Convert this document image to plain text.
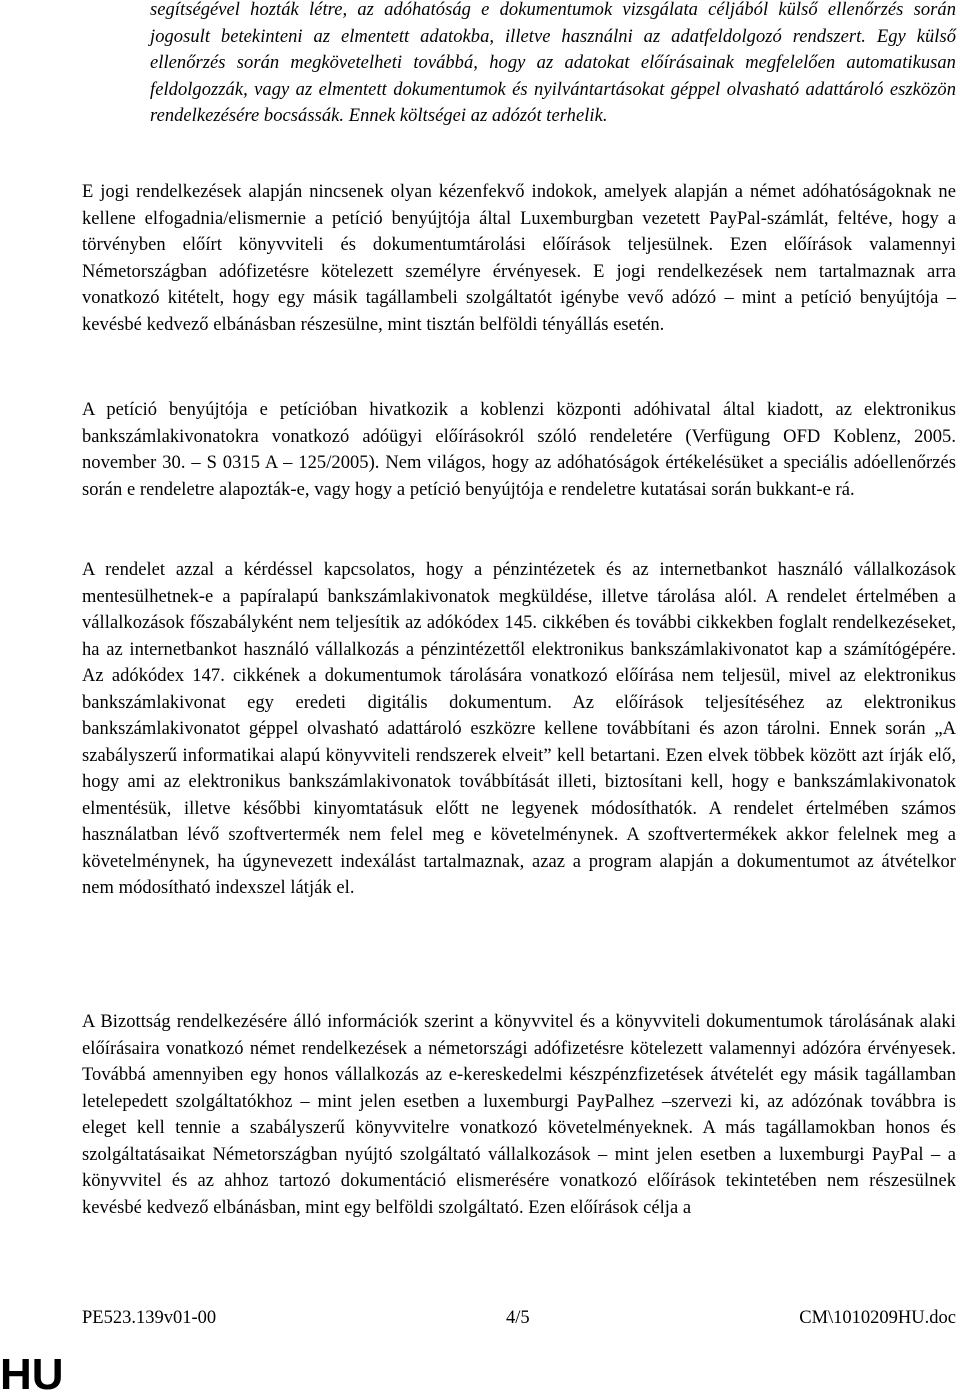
segítségével hozták létre, az adóhatóság e dokumentumok vizsgálata céljából külső ellenőrzés során jogosult betekinteni az elmentett adatokba, illetve használni az adatfeldolgozó rendszert. Egy külső ellenőrzés során megkövetelheti továbbá, hogy az adatokat előírásainak megfelelően automatikusan feldolgozzák, vagy az elmentett dokumentumok és nyilvántartásokat géppel olvasható adattároló eszközön rendelkezésére bocsássák. Ennek költségei az adózót terhelik.

E jogi rendelkezések alapján nincsenek olyan kézenfekvő indokok, amelyek alapján a német adóhatóságoknak ne kellene elfogadnia/elismernie a petíció benyújtója által Luxemburgban vezetett PayPal-számlát, feltéve, hogy a törvényben előírt könyvviteli és dokumentumtárolási előírások teljesülnek. Ezen előírások valamennyi Németországban adófizetésre kötelezett személyre érvényesek. E jogi rendelkezések nem tartalmaznak arra vonatkozó kitételt, hogy egy másik tagállambeli szolgáltatót igénybe vevő adózó – mint a petíció benyújtója – kevésbé kedvező elbánásban részesülne, mint tisztán belföldi tényállás esetén.

A petíció benyújtója e petícióban hivatkozik a koblenzi központi adóhivatal által kiadott, az elektronikus bankszámlakivonatokra vonatkozó adóügyi előírásokról szóló rendeletére (Verfügung OFD Koblenz, 2005. november 30. – S 0315 A – 125/2005). Nem világos, hogy az adóhatóságok értékelésüket a speciális adóellenőrzés során e rendeletre alapozták-e, vagy hogy a petíció benyújtója e rendeletre kutatásai során bukkant-e rá.

A rendelet azzal a kérdéssel kapcsolatos, hogy a pénzintézetek és az internetbankot használó vállalkozások mentesülhetnek-e a papíralapú bankszámlakivonatok megküldése, illetve tárolása alól. A rendelet értelmében a vállalkozások főszabályként nem teljesítik az adókódex 145. cikkében és további cikkekben foglalt rendelkezéseket, ha az internetbankot használó vállalkozás a pénzintézettől elektronikus bankszámlakivonatot kap a számítógépére. Az adókódex 147. cikkének a dokumentumok tárolására vonatkozó előírása nem teljesül, mivel az elektronikus bankszámlakivonat egy eredeti digitális dokumentum. Az előírások teljesítéséhez az elektronikus bankszámlakivonatot géppel olvasható adattároló eszközre kellene továbbítani és azon tárolni. Ennek során „A szabályszerű informatikai alapú könyvviteli rendszerek elveit” kell betartani. Ezen elvek többek között azt írják elő, hogy ami az elektronikus bankszámlakivonatok továbbítását illeti, biztosítani kell, hogy e bankszámlakivonatok elmentésük, illetve későbbi kinyomtatásuk előtt ne legyenek módosíthatók. A rendelet értelmében számos használatban lévő szoftvertermék nem felel meg e követelménynek. A szoftvertermékek akkor felelnek meg a követelménynek, ha úgynevezett indexálást tartalmaznak, azaz a program alapján a dokumentumot az átvételkor nem módosítható indexszel látják el.

A Bizottság rendelkezésére álló információk szerint a könyvvitel és a könyvviteli dokumentumok tárolásának alaki előírásaira vonatkozó német rendelkezések a németországi adófizetésre kötelezett valamennyi adózóra érvényesek. Továbbá amennyiben egy honos vállalkozás az e-kereskedelmi készpénzfizetések átvételét egy másik tagállamban letelepedett szolgáltatókhoz – mint jelen esetben a luxemburgi PayPalhez –szervezi ki, az adózónak továbbra is eleget kell tennie a szabályszerű könyvvitelre vonatkozó követelményeknek. A más tagállamokban honos és szolgáltatásaikat Németországban nyújtó szolgáltató vállalkozások – mint jelen esetben a luxemburgi PayPal – a könyvvitel és az ahhoz tartozó dokumentáció elismerésére vonatkozó előírások tekintetében nem részesülnek kevésbé kedvező elbánásban, mint egy belföldi szolgáltató. Ezen előírások célja a

PE523.139v01-00	4/5	CM\1010209HU.doc
HU
